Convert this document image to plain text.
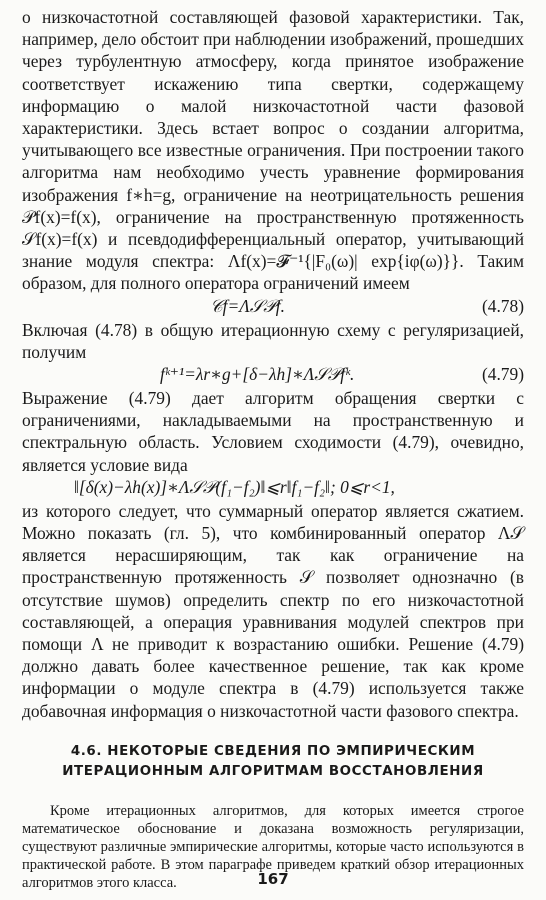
о низкочастотной составляющей фазовой характеристики. Так, например, дело обстоит при наблюдении изображений, прошедших через турбулентную атмосферу, когда принятое изображение соответствует искажению типа свертки, содержащему информацию о малой низкочастотной части фазовой характеристики. Здесь встает вопрос о создании алгоритма, учитывающего все известные ограничения. При построении такого алгоритма нам необходимо учесть уравнение формирования изображения f∗h=g, ограничение на неотрицательность решения 𝒫f(x)=f(x), ограничение на пространственную протяженность 𝒮f(x)=f(x) и псевдодифференциальный оператор, учитывающий знание модуля спектра: Λf(x)=𝓕⁻¹{|F₀(ω)| exp{iφ(ω)}}. Таким образом, для полного оператора ограничений имеем

𝒞f=Λ𝒮𝒫f.	(4.78)

Включая (4.78) в общую итерационную схему с регуляризацией, получим

fᵏ⁺¹=λr∗g+[δ−λh]∗Λ𝒮𝒫fᵏ.	(4.79)

Выражение (4.79) дает алгоритм обращения свертки с ограничениями, накладываемыми на пространственную и спектральную область. Условием сходимости (4.79), очевидно, является условие вида

‖[δ(x)−λh(x)]∗Λ𝒮𝒫(f₁−f₂)‖⩽r‖f₁−f₂‖; 0⩽r<1,

из которого следует, что суммарный оператор является сжатием. Можно показать (гл. 5), что комбинированный оператор Λ𝒮 является нерасширяющим, так как ограничение на пространственную протяженность 𝒮 позволяет однозначно (в отсутствие шумов) определить спектр по его низкочастотной составляющей, а операция уравнивания модулей спектров при помощи Λ не приводит к возрастанию ошибки. Решение (4.79) должно давать более качественное решение, так как кроме информации о модуле спектра в (4.79) используется также добавочная информация о низкочастотной части фазового спектра.

4.6. НЕКОТОРЫЕ СВЕДЕНИЯ ПО ЭМПИРИЧЕСКИМ
ИТЕРАЦИОННЫМ АЛГОРИТМАМ ВОССТАНОВЛЕНИЯ

Кроме итерационных алгоритмов, для которых имеется строгое математическое обоснование и доказана возможность регуляризации, существуют различные эмпирические алгоритмы, которые часто используются в практической работе. В этом параграфе приведем краткий обзор итерационных алгоритмов этого класса.	167
